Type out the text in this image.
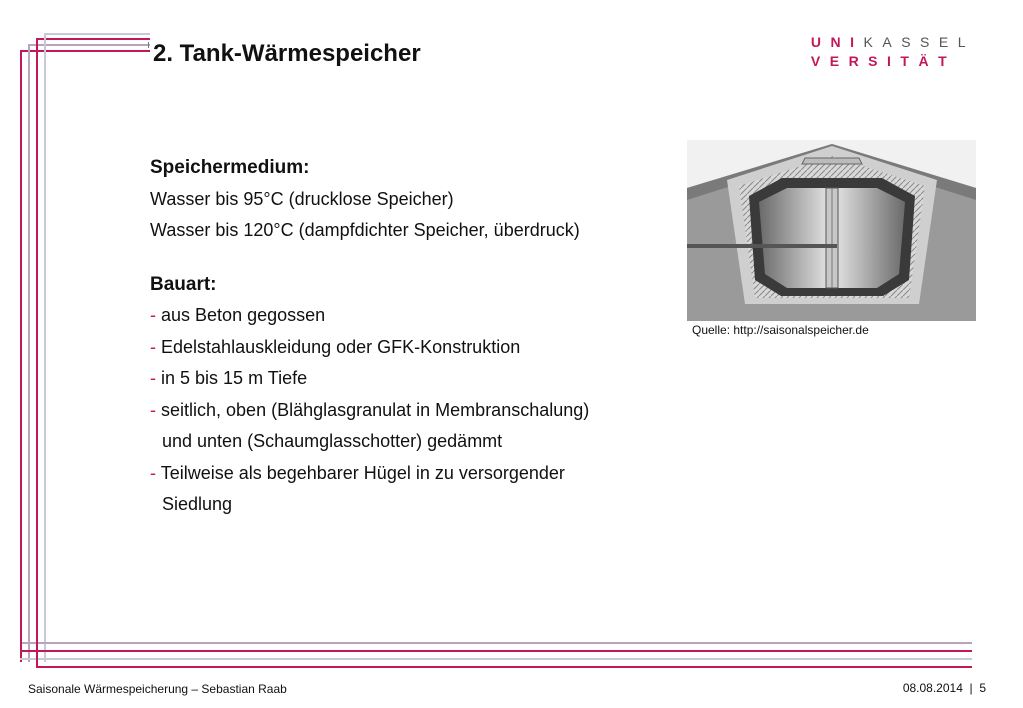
2. Tank-Wärmespeicher	UNIKASSEL
VERSITÄT
Speichermedium:
Wasser bis 95°C (drucklose Speicher)
Wasser bis 120°C (dampfdichter Speicher, überdruck)
Bauart:
- aus Beton gegossen
- Edelstahlauskleidung oder GFK-Konstruktion
- in 5 bis 15 m Tiefe
- seitlich, oben (Blähglasgranulat in Membranschalung)
und unten (Schaumglasschotter) gedämmt
- Teilweise als begehbarer Hügel in zu versorgender
Siedlung
Quelle: http://saisonalspeicher.de
Saisonale Wärmespeicherung – Sebastian Raab	08.08.2014  |  5
